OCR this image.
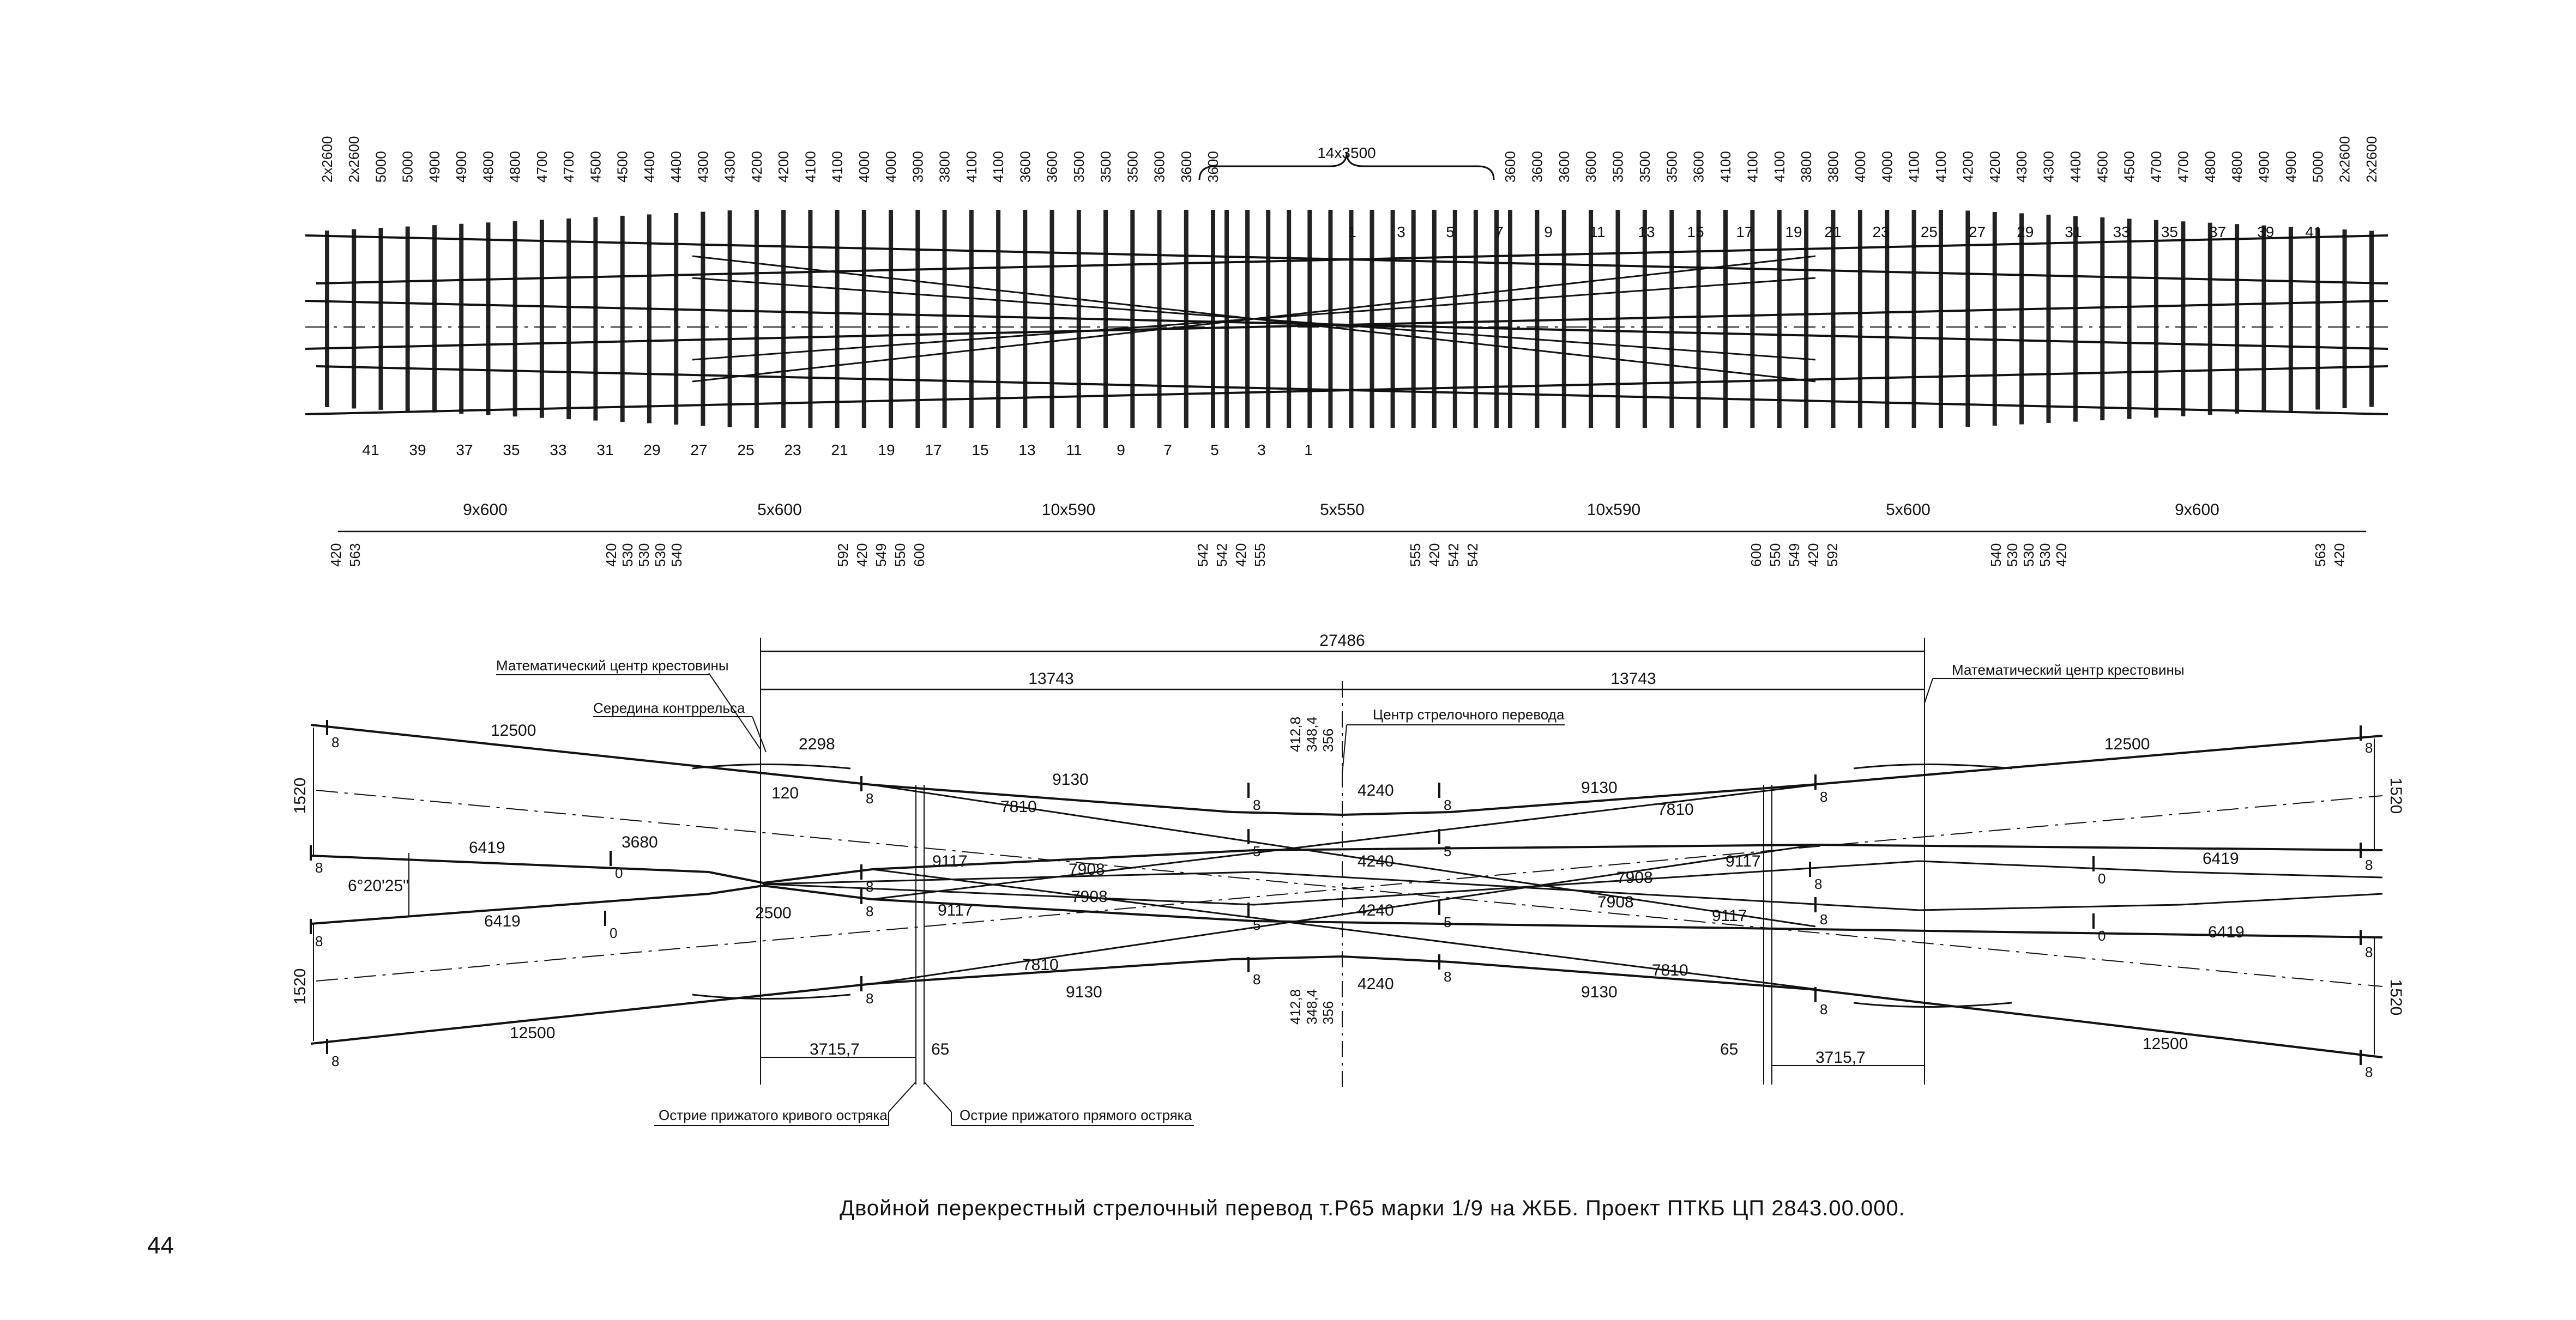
14x3500
2x2600 2x2600 5000 5000 4900 4900 4800 4800 4700 4700 4500 4500 4400 4400 4300 4300 4200 4200 4100 4100 4000 4000 3900 3800 4100 4100 3600 3600 3500 3500 3500 3600 3600 3600	3600 3600 3600 3600 3500 3500 3500 3600 4100 4100 4100 3800 3800 4000 4000 4100 4100 4200 4200 4300 4300 4400 4500 4500 4700 4700 4800 4800 4900 4900 5000 2x2600 2x2600
1	3	5	7	9 11 13 15 17 19 21 23 25 27 29 31 33 35 37 39 41
41 39 37 35 33 31 29 27 25 23 21 19 17 15 13 11 9	7	5	3	1
9x600	5x600	10x590	5x550	10x590	5x600	9x600
420 563	420 530 530 530 540	592 420 549 550 600	542 542 420 555	555 420 542 542	600 550 549 420 592	540 530 530 530 420	563 420
27486
13743	13743
Математический центр крестовины	Математический центр крестовины
Середина контррельса	Центр стрелочного перевода
Острие прижатого кривого остряка	Острие прижатого прямого остряка
1520
1520
1520
1520
6°20'25"
12500
12500
12500
12500
9130	9130
9130	9130
7810	7810
7810	7810
6419
6419
6419
6419
9117
9117
9117
9117
7908
7908
7908
7908
4240
4240
4240
4240
2298
120
3680
2500
3715,7	65	65	3715,7
412,8 348,4 356
412,8 348,4 356
8
8	8	8	8
8
8	0
8
5	5
8	0
8
8	0
8
5	5	8
0
8
8
8
8	8
8
8
Двойной перекрестный стрелочный перевод т.Р65 марки 1/9 на ЖББ. Проект ПТКБ ЦП 2843.00.000.
44
